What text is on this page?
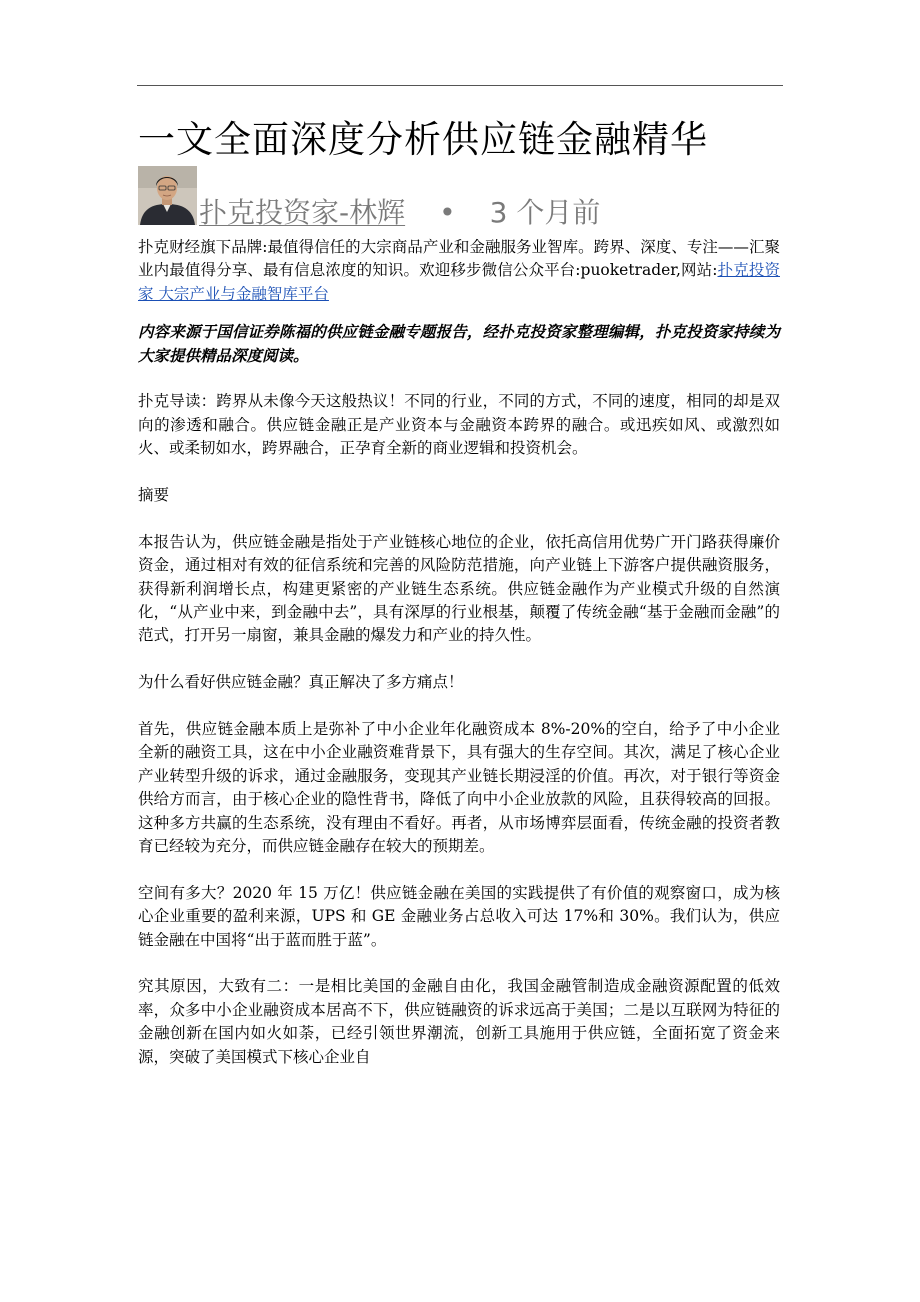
一文全面深度分析供应链金融精华
扑克投资家-林辉 • 3 个月前

扑克财经旗下品牌:最值得信任的大宗商品产业和金融服务业智库。跨界、深度、专注——汇聚业内最值得分享、最有信息浓度的知识。欢迎移步微信公众平台:puoketrader,网站:扑克投资家 大宗产业与金融智库平台

内容来源于国信证券陈福的供应链金融专题报告，经扑克投资家整理编辑，扑克投资家持续为大家提供精品深度阅读。

扑克导读：跨界从未像今天这般热议！不同的行业，不同的方式，不同的速度，相同的却是双向的渗透和融合。供应链金融正是产业资本与金融资本跨界的融合。或迅疾如风、或激烈如火、或柔韧如水，跨界融合，正孕育全新的商业逻辑和投资机会。

摘要

本报告认为，供应链金融是指处于产业链核心地位的企业，依托高信用优势广开门路获得廉价资金，通过相对有效的征信系统和完善的风险防范措施，向产业链上下游客户提供融资服务，获得新利润增长点，构建更紧密的产业链生态系统。供应链金融作为产业模式升级的自然演化，“从产业中来，到金融中去”，具有深厚的行业根基，颠覆了传统金融“基于金融而金融”的范式，打开另一扇窗，兼具金融的爆发力和产业的持久性。

为什么看好供应链金融？真正解决了多方痛点！

首先，供应链金融本质上是弥补了中小企业年化融资成本 8%-20%的空白，给予了中小企业全新的融资工具，这在中小企业融资难背景下，具有强大的生存空间。其次，满足了核心企业产业转型升级的诉求，通过金融服务，变现其产业链长期浸淫的价值。再次，对于银行等资金供给方而言，由于核心企业的隐性背书，降低了向中小企业放款的风险，且获得较高的回报。这种多方共赢的生态系统，没有理由不看好。再者，从市场博弈层面看，传统金融的投资者教育已经较为充分，而供应链金融存在较大的预期差。

空间有多大？2020 年 15 万亿！供应链金融在美国的实践提供了有价值的观察窗口，成为核心企业重要的盈利来源，UPS 和 GE 金融业务占总收入可达 17%和 30%。我们认为，供应链金融在中国将“出于蓝而胜于蓝”。

究其原因，大致有二：一是相比美国的金融自由化，我国金融管制造成金融资源配置的低效率，众多中小企业融资成本居高不下，供应链融资的诉求远高于美国；二是以互联网为特征的金融创新在国内如火如荼，已经引领世界潮流，创新工具施用于供应链，全面拓宽了资金来源，突破了美国模式下核心企业自
